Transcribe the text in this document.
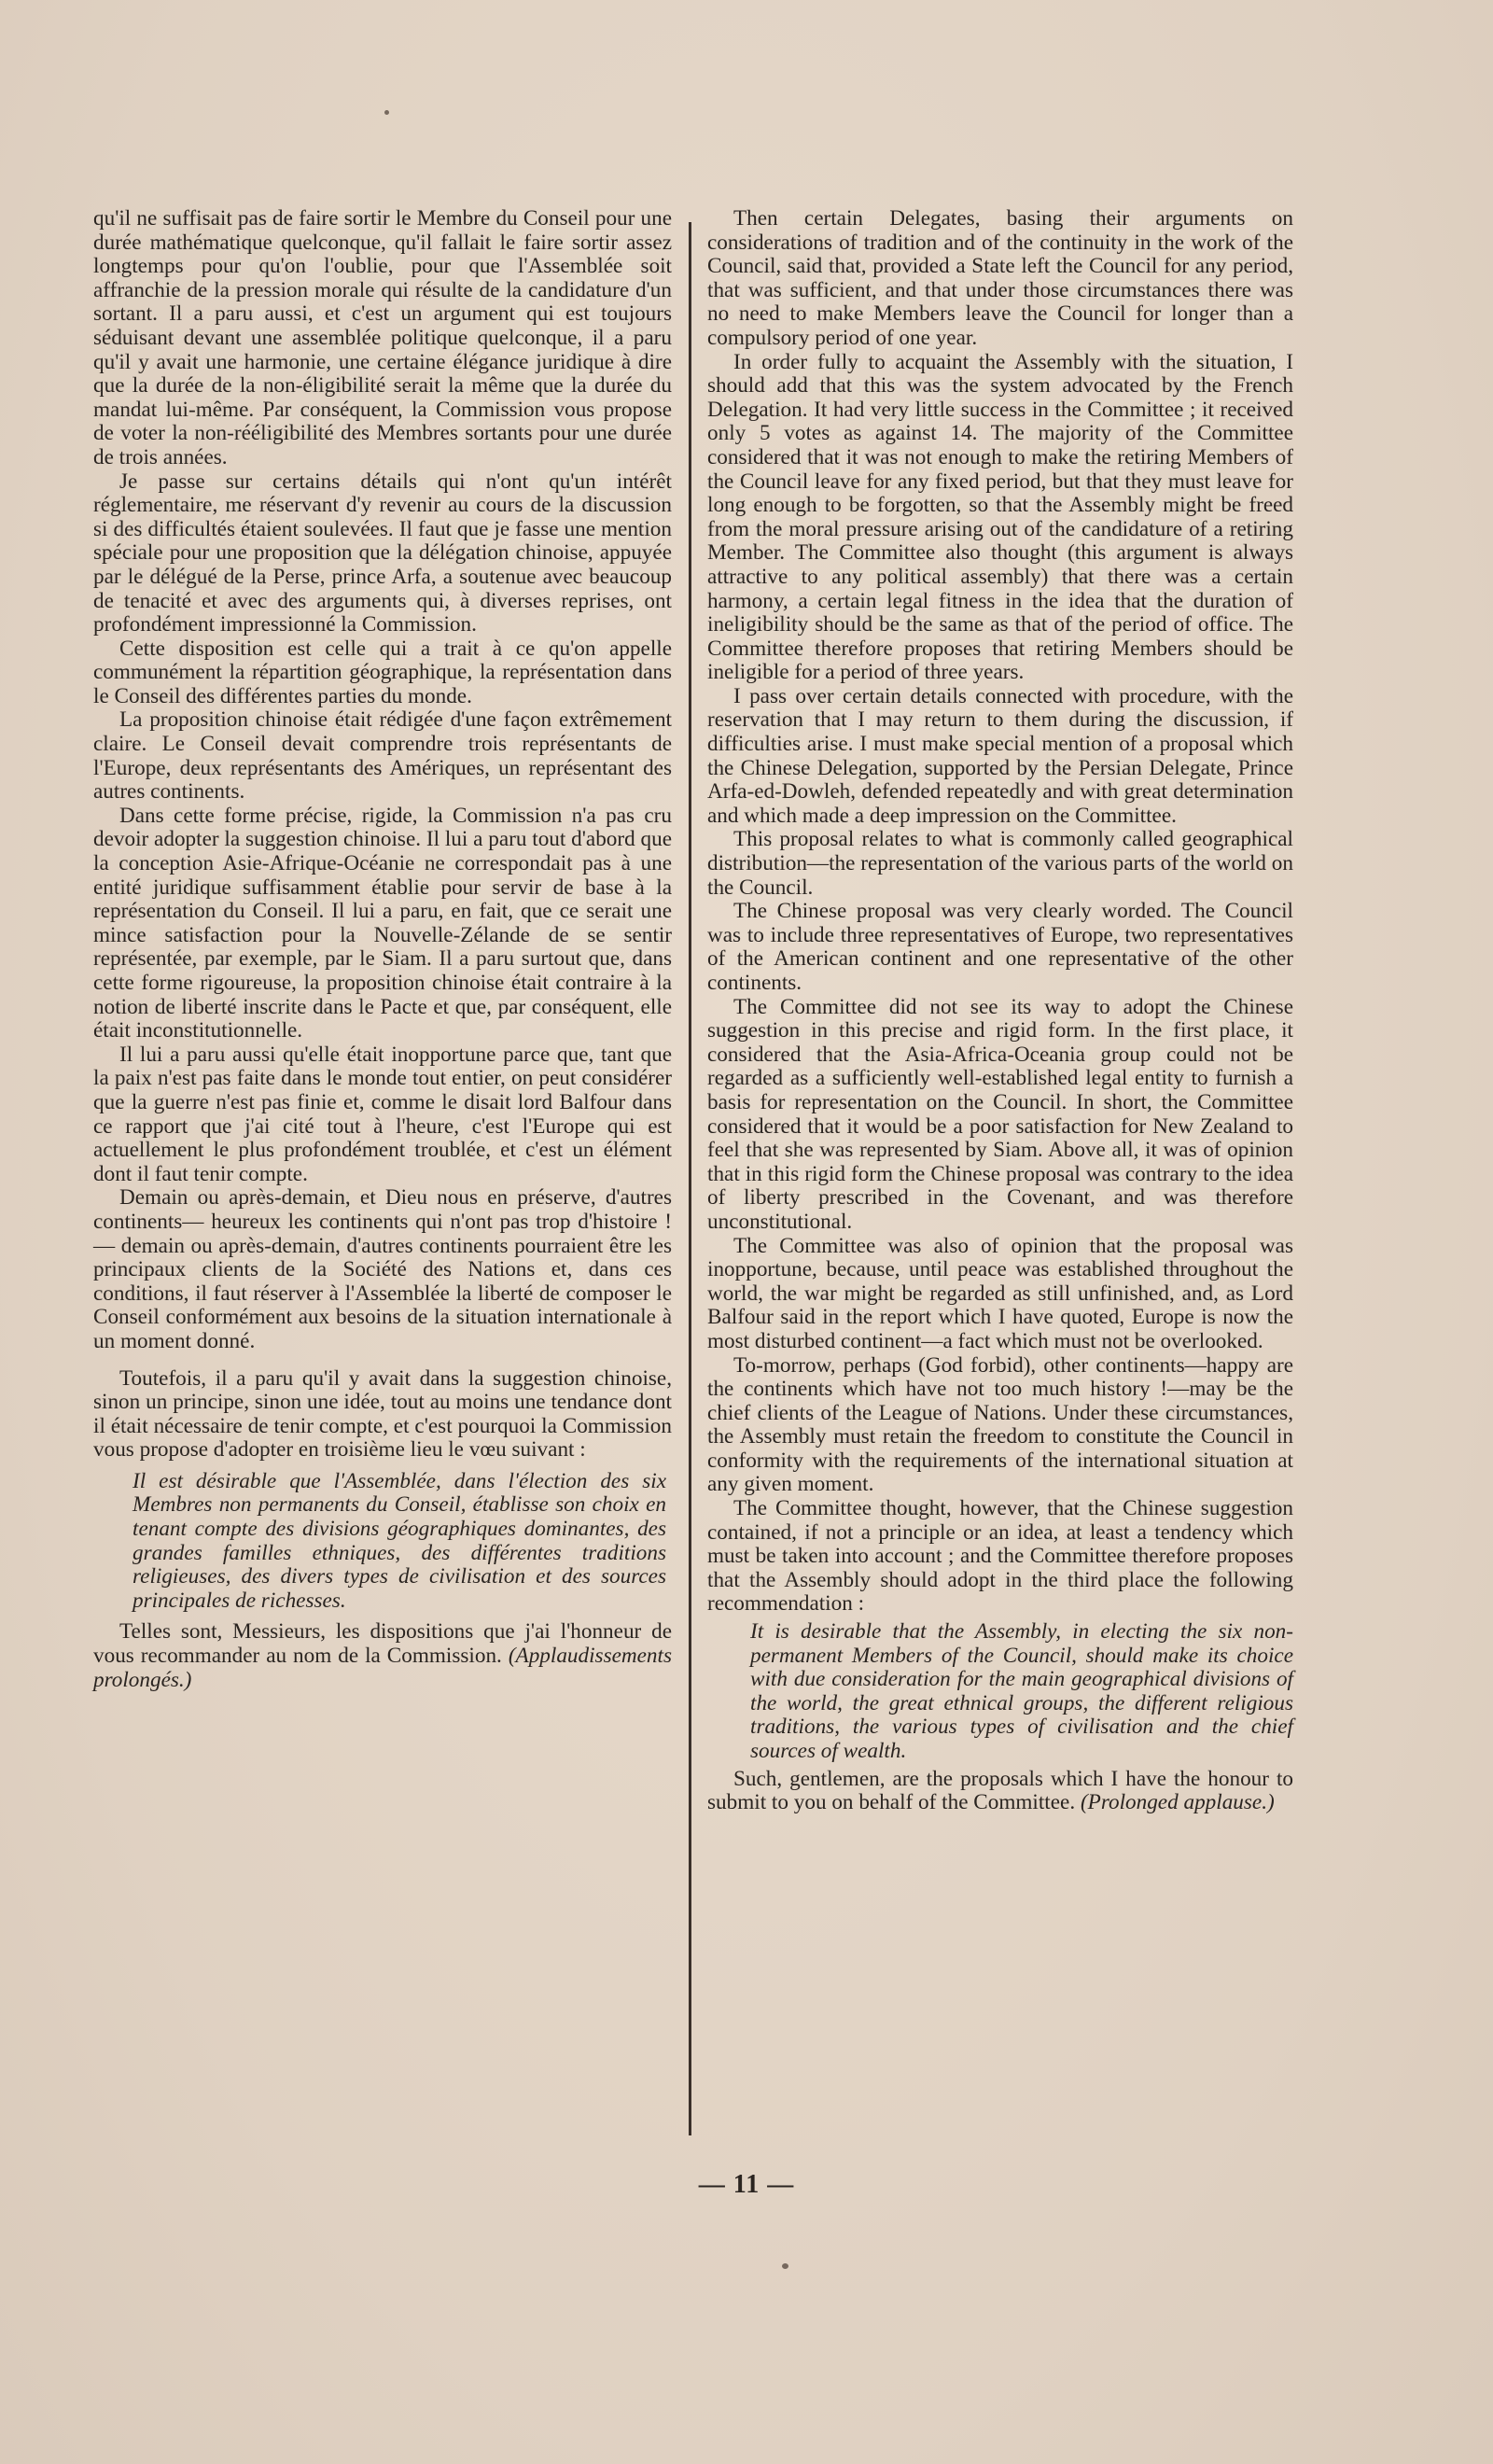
qu'il ne suffisait pas de faire sortir le Membre du Conseil pour une durée mathématique quelconque, qu'il fallait le faire sortir assez longtemps pour qu'on l'oublie, pour que l'Assemblée soit affranchie de la pression morale qui résulte de la candidature d'un sortant. Il a paru aussi, et c'est un argument qui est toujours séduisant devant une assemblée politique quelconque, il a paru qu'il y avait une harmonie, une certaine élégance juridique à dire que la durée de la non-éligibilité serait la même que la durée du mandat lui-même. Par conséquent, la Commission vous propose de voter la non-rééligibilité des Membres sortants pour une durée de trois années.

Je passe sur certains détails qui n'ont qu'un intérêt réglementaire, me réservant d'y revenir au cours de la discussion si des difficultés étaient soulevées. Il faut que je fasse une mention spéciale pour une proposition que la délégation chinoise, appuyée par le délégué de la Perse, prince Arfa, a soutenue avec beaucoup de tenacité et avec des arguments qui, à diverses reprises, ont profondément impressionné la Commission.

Cette disposition est celle qui a trait à ce qu'on appelle communément la répartition géographique, la représentation dans le Conseil des différentes parties du monde.

La proposition chinoise était rédigée d'une façon extrêmement claire. Le Conseil devait comprendre trois représentants de l'Europe, deux représentants des Amériques, un représentant des autres continents.

Dans cette forme précise, rigide, la Commission n'a pas cru devoir adopter la suggestion chinoise. Il lui a paru tout d'abord que la conception Asie-Afrique-Océanie ne correspondait pas à une entité juridique suffisamment établie pour servir de base à la représentation du Conseil. Il lui a paru, en fait, que ce serait une mince satisfaction pour la Nouvelle-Zélande de se sentir représentée, par exemple, par le Siam. Il a paru surtout que, dans cette forme rigoureuse, la proposition chinoise était contraire à la notion de liberté inscrite dans le Pacte et que, par conséquent, elle était inconstitutionnelle.

Il lui a paru aussi qu'elle était inopportune parce que, tant que la paix n'est pas faite dans le monde tout entier, on peut considérer que la guerre n'est pas finie et, comme le disait lord Balfour dans ce rapport que j'ai cité tout à l'heure, c'est l'Europe qui est actuellement le plus profondément troublée, et c'est un élément dont il faut tenir compte.

Demain ou après-demain, et Dieu nous en préserve, d'autres continents— heureux les continents qui n'ont pas trop d'histoire ! — demain ou après-demain, d'autres continents pourraient être les principaux clients de la Société des Nations et, dans ces conditions, il faut réserver à l'Assemblée la liberté de composer le Conseil conformément aux besoins de la situation internationale à un moment donné.

Toutefois, il a paru qu'il y avait dans la suggestion chinoise, sinon un principe, sinon une idée, tout au moins une tendance dont il était nécessaire de tenir compte, et c'est pourquoi la Commission vous propose d'adopter en troisième lieu le vœu suivant :

Il est désirable que l'Assemblée, dans l'élection des six Membres non permanents du Conseil, établisse son choix en tenant compte des divisions géographiques dominantes, des grandes familles ethniques, des différentes traditions religieuses, des divers types de civilisation et des sources principales de richesses.

Telles sont, Messieurs, les dispositions que j'ai l'honneur de vous recommander au nom de la Commission. (Applaudissements prolongés.)

Then certain Delegates, basing their arguments on considerations of tradition and of the continuity in the work of the Council, said that, provided a State left the Council for any period, that was sufficient, and that under those circumstances there was no need to make Members leave the Council for longer than a compulsory period of one year.

In order fully to acquaint the Assembly with the situation, I should add that this was the system advocated by the French Delegation. It had very little success in the Committee ; it received only 5 votes as against 14. The majority of the Committee considered that it was not enough to make the retiring Members of the Council leave for any fixed period, but that they must leave for long enough to be forgotten, so that the Assembly might be freed from the moral pressure arising out of the candidature of a retiring Member. The Committee also thought (this argument is always attractive to any political assembly) that there was a certain harmony, a certain legal fitness in the idea that the duration of ineligibility should be the same as that of the period of office. The Committee therefore proposes that retiring Members should be ineligible for a period of three years.

I pass over certain details connected with procedure, with the reservation that I may return to them during the discussion, if difficulties arise. I must make special mention of a proposal which the Chinese Delegation, supported by the Persian Delegate, Prince Arfa-ed-Dowleh, defended repeatedly and with great determination and which made a deep impression on the Committee.

This proposal relates to what is commonly called geographical distribution—the representation of the various parts of the world on the Council.

The Chinese proposal was very clearly worded. The Council was to include three representatives of Europe, two representatives of the American continent and one representative of the other continents.

The Committee did not see its way to adopt the Chinese suggestion in this precise and rigid form. In the first place, it considered that the Asia-Africa-Oceania group could not be regarded as a sufficiently well-established legal entity to furnish a basis for representation on the Council. In short, the Committee considered that it would be a poor satisfaction for New Zealand to feel that she was represented by Siam. Above all, it was of opinion that in this rigid form the Chinese proposal was contrary to the idea of liberty prescribed in the Covenant, and was therefore unconstitutional.

The Committee was also of opinion that the proposal was inopportune, because, until peace was established throughout the world, the war might be regarded as still unfinished, and, as Lord Balfour said in the report which I have quoted, Europe is now the most disturbed continent—a fact which must not be overlooked.

To-morrow, perhaps (God forbid), other continents—happy are the continents which have not too much history !—may be the chief clients of the League of Nations. Under these circumstances, the Assembly must retain the freedom to constitute the Council in conformity with the requirements of the international situation at any given moment.

The Committee thought, however, that the Chinese suggestion contained, if not a principle or an idea, at least a tendency which must be taken into account ; and the Committee therefore proposes that the Assembly should adopt in the third place the following recommendation :

It is desirable that the Assembly, in electing the six non-permanent Members of the Council, should make its choice with due consideration for the main geographical divisions of the world, the great ethnical groups, the different religious traditions, the various types of civilisation and the chief sources of wealth.

Such, gentlemen, are the proposals which I have the honour to submit to you on behalf of the Committee. (Prolonged applause.)

— 11 —
